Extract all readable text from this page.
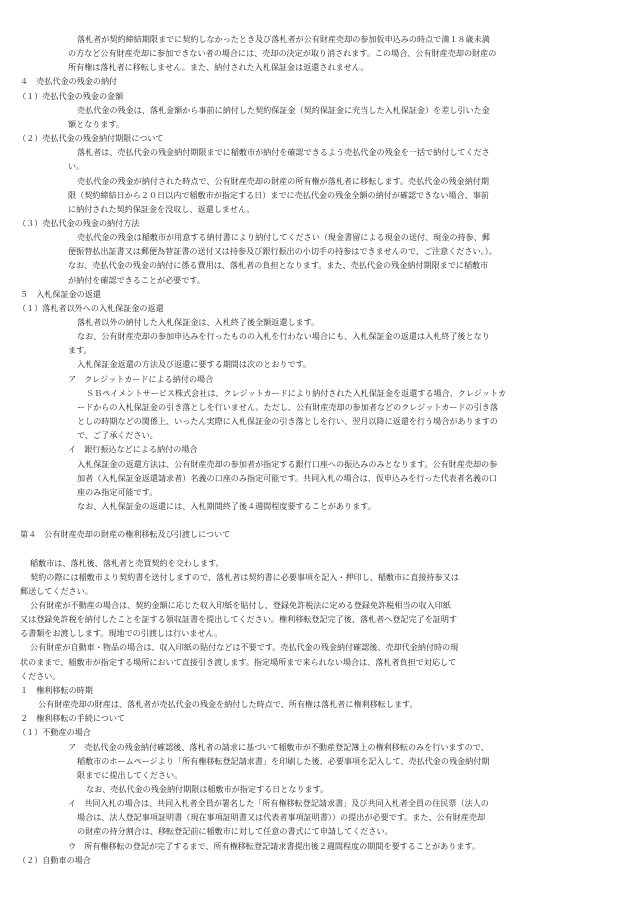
落札者が契約締結期限までに契約しなかったとき及び落札者が公有財産売却の参加仮申込みの時点で満１８歳未満
の方など公有財産売却に参加できない者の場合には、売却の決定が取り消されます。この場合、公有財産売却の財産の
所有権は落札者に移転しません。また、納付された入札保証金は返還されません。
４　売払代金の残金の納付
（１）売払代金の残金の金額
売払代金の残金は、落札金額から事前に納付した契約保証金（契約保証金に充当した入札保証金）を差し引いた金
額となります。
（２）売払代金の残金納付期限について
落札者は、売払代金の残金納付期限までに稲敷市が納付を確認できるよう売払代金の残金を一括で納付してくださ
い。
売払代金の残金が納付された時点で、公有財産売却の財産の所有権が落札者に移転します。売払代金の残金納付期
限（契約締結日から２０日以内で稲敷市が指定する日）までに売払代金の残金全額の納付が確認できない場合、事前
に納付された契約保証金を没収し、返還しません。
（３）売払代金の残金の納付方法
売払代金の残金は稲敷市が用意する納付書により納付してください（現金書留による現金の送付、現金の持参、郵
便振替払出証書又は郵便為替証書の送付又は持参及び銀行振出の小切手の持参はできませんので、ご注意ください。）。
なお、売払代金の残金の納付に係る費用は、落札者の負担となります。また、売払代金の残金納付期限までに稲敷市
が納付を確認できることが必要です。
５　入札保証金の返還
（１）落札者以外への入札保証金の返還
落札者以外の納付した入札保証金は、入札終了後全額返還します。
なお、公有財産売却の参加申込みを行ったものの入札を行わない場合にも、入札保証金の返還は入札終了後となり
ます。
入札保証金返還の方法及び返還に要する期間は次のとおりです。
ア　クレジットカードによる納付の場合
ＳＢペイメントサービス株式会社は、クレジットカードにより納付された入札保証金を返還する場合、クレジットカ
ードからの入札保証金の引き落としを行いません。ただし、公有財産売却の参加者などのクレジットカードの引き落
としの時期などの関係上、いったん実際に入札保証金の引き落としを行い、翌月以降に返還を行う場合がありますの
で、ご了承ください。
イ　銀行振込などによる納付の場合
入札保証金の返還方法は、公有財産売却の参加者が指定する銀行口座への振込みのみとなります。公有財産売却の参
加者（入札保証金返還請求者）名義の口座のみ指定可能です。共同入札の場合は、仮申込みを行った代表者名義の口
座のみ指定可能です。
なお、入札保証金の返還には、入札期間終了後４週間程度要することがあります。
第４　公有財産売却の財産の権利移転及び引渡しについて
稲敷市は、落札後、落札者と売買契約を交わします。
契約の際には稲敷市より契約書を送付しますので、落札者は契約書に必要事項を記入・押印し、稲敷市に直接持参又は
郵送してください。
公有財産が不動産の場合は、契約金額に応じた収入印紙を貼付し、登録免許税法に定める登録免許税相当の収入印紙
又は登録免許税を納付したことを証する領収証書を提出してください。権利移転登記完了後、落札者へ登記完了を証明す
る書類をお渡しします。現地での引渡しは行いません。
公有財産が自動車・物品の場合は、収入印紙の貼付などは不要です。売払代金の残金納付確認後、売却代金納付時の現
状のままで、稲敷市が指定する場所において直接引き渡します。指定場所まで来られない場合は、落札者負担で対応して
ください。
１　権利移転の時期
公有財産売却の財産は、落札者が売払代金の残金を納付した時点で、所有権は落札者に権利移転します。
２　権利移転の手続について
（１）不動産の場合
ア　売払代金の残金納付確認後、落札者の請求に基づいて稲敷市が不動産登記簿上の権利移転のみを行いますので、
稲敷市のホームページより「所有権移転登記請求書」を印刷した後、必要事項を記入して、売払代金の残金納付期
限までに提出してください。
なお、売払代金の残金納付期限は稲敷市が指定する日となります。
イ　共同入札の場合は、共同入札者全員が署名した「所有権移転登記請求書」及び共同入札者全員の住民票（法人の
場合は、法人登記事項証明書（現在事項証明書又は代表者事項証明書））の提出が必要です。また、公有財産売却
の財産の持分割合は、移転登記前に稲敷市に対して任意の書式にて申請してください。
ウ　所有権移転の登記が完了するまで、所有権移転登記請求書提出後２週間程度の期間を要することがあります。
（２）自動車の場合
